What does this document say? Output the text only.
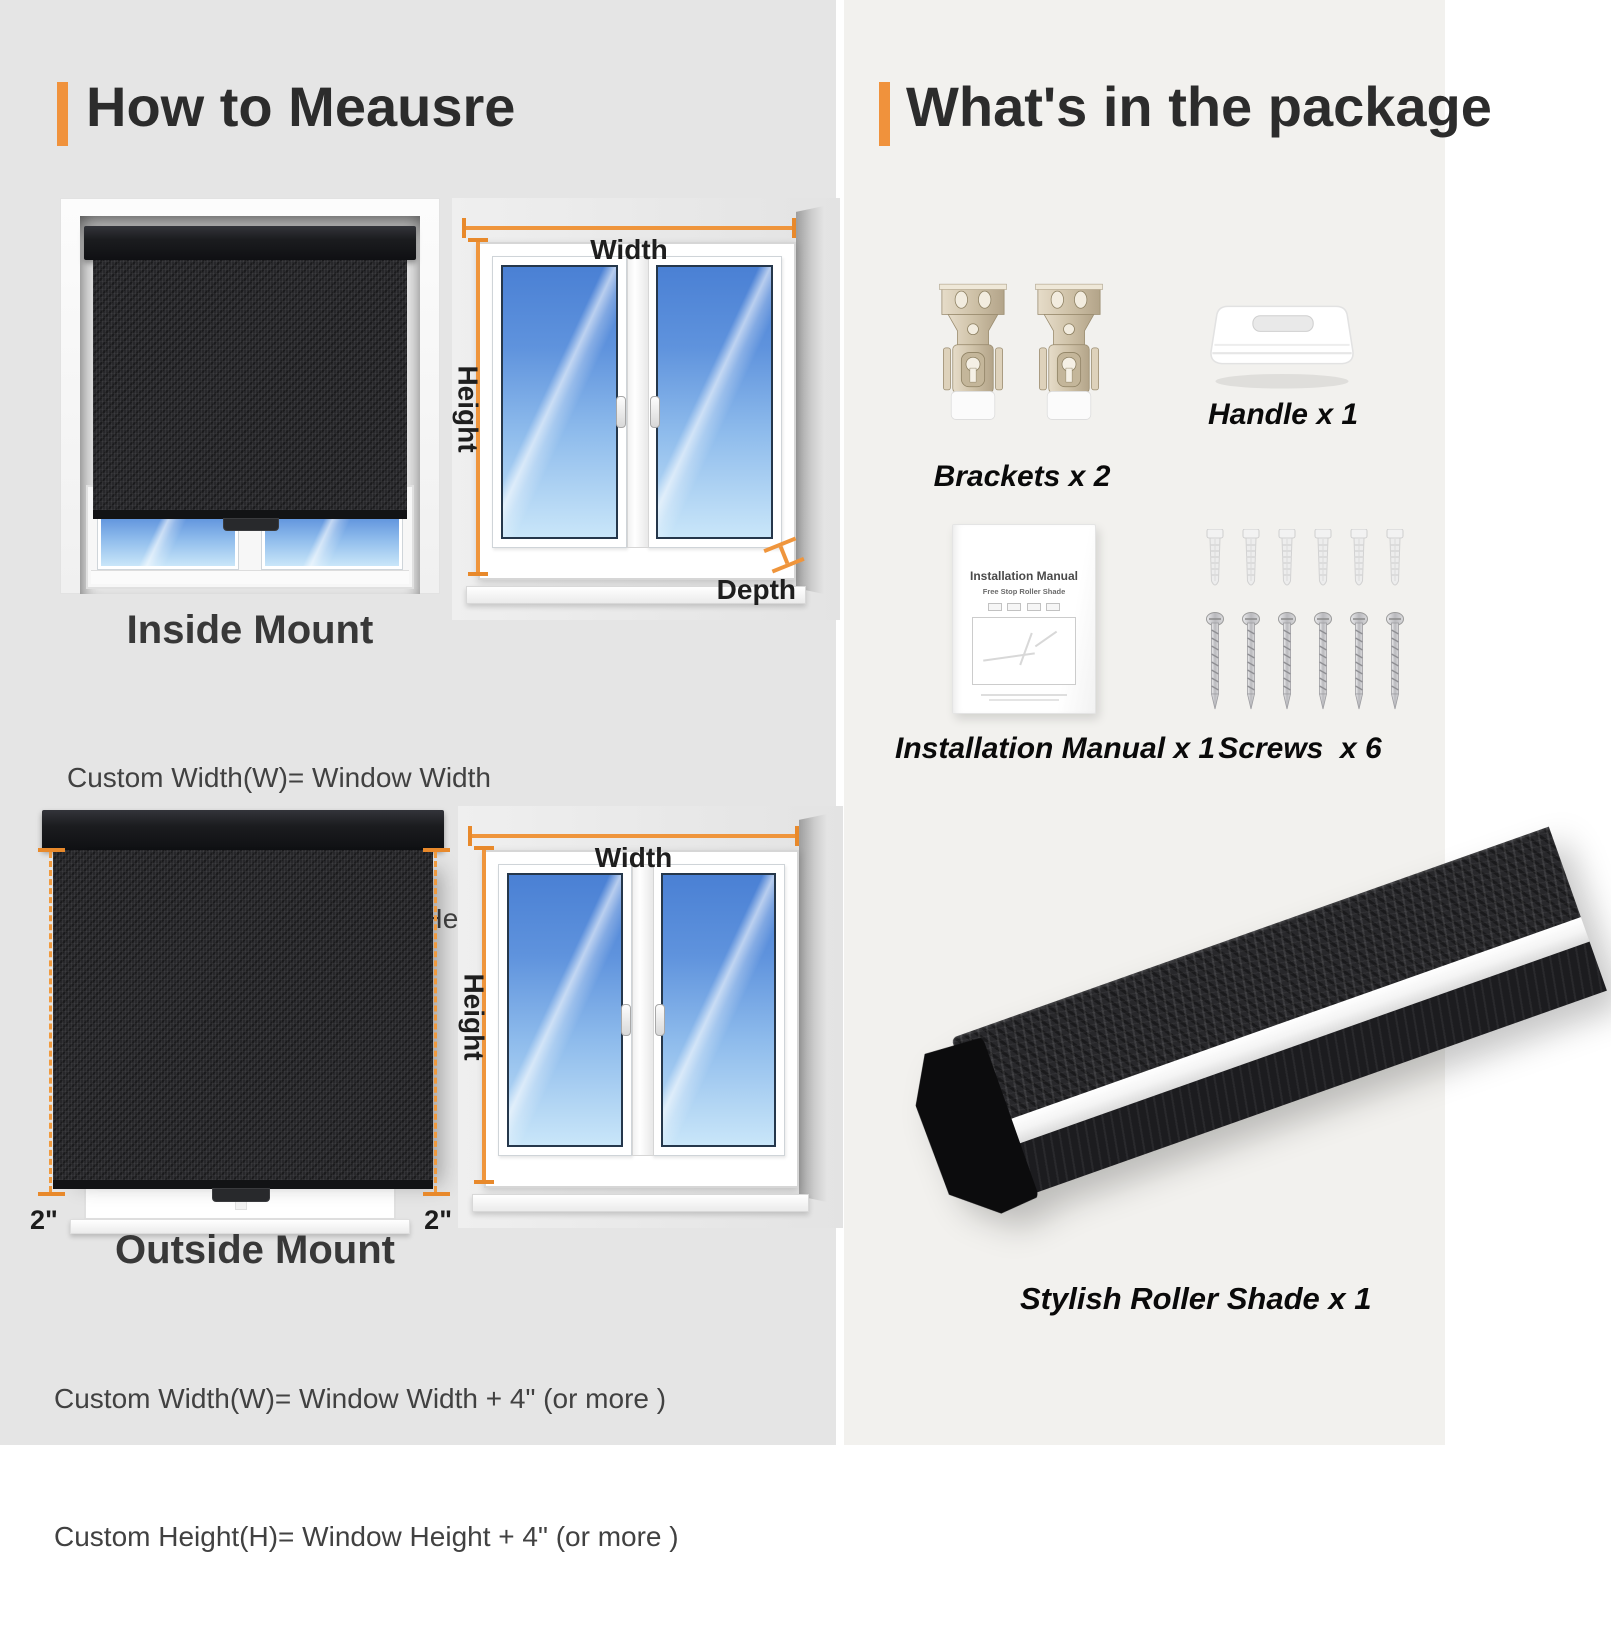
How to Meausre
Width
Height
Depth
Inside Mount

Custom Width(W)= Window Width

2"	2"
Width
Height
Outside Mount

Custom Width(W)= Window Width + 4" (or more )

Custom Height(H)= Window Height + 4" (or more )

What's in the package
Brackets x 2
Handle x 1
Installation Manual
Free Stop Roller Shade
Installation Manual x 1 Screws  x 6
Stylish Roller Shade x 1
